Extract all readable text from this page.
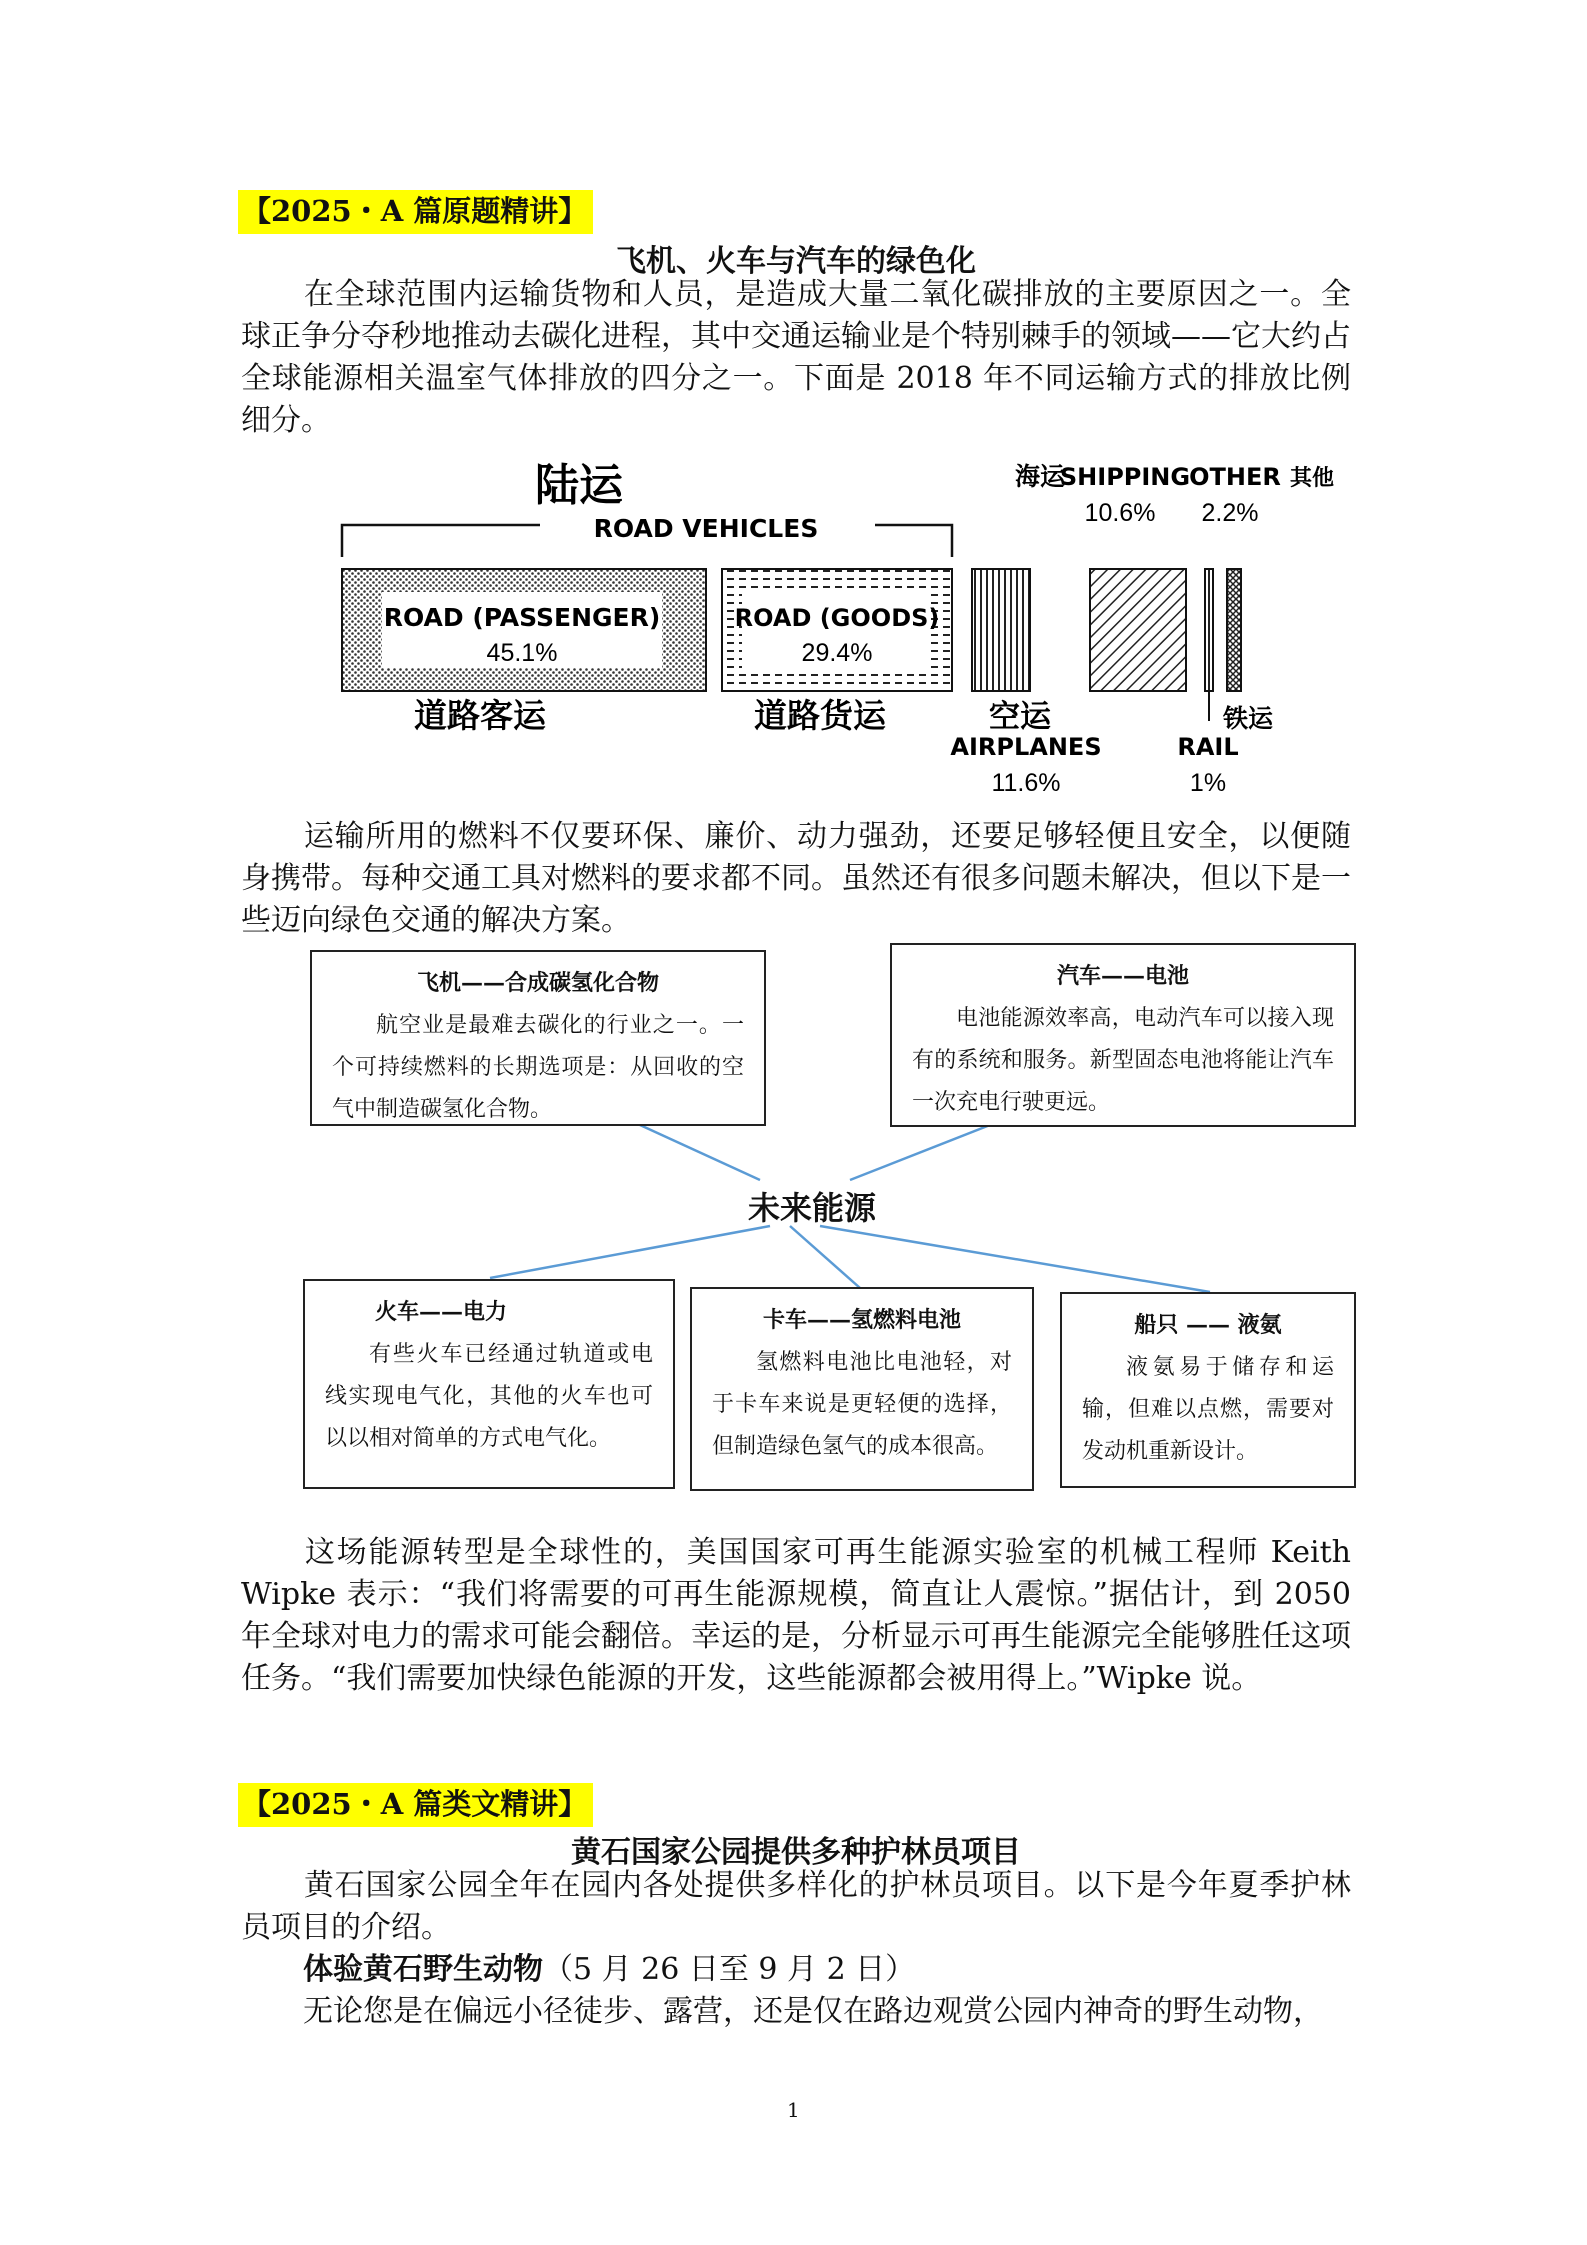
【2025・A 篇原题精讲】
飞机、火车与汽车的绿色化
在全球范围内运输货物和人员，是造成大量二氧化碳排放的主要原因之一。全球正争分夺秒地推动去碳化进程，其中交通运输业是个特别棘手的领域——它大约占全球能源相关温室气体排放的四分之一。下面是 2018 年不同运输方式的排放比例细分。
陆运
ROAD VEHICLES
ROAD (PASSENGER)
45.1%
道路客运
ROAD (GOODS)
29.4%
道路货运	空运
AIRPLANES
11.6%
海运
SHIPPING
10.6%
铁运
RAIL
1%
OTHER 其他
2.2%
运输所用的燃料不仅要环保、廉价、动力强劲，还要足够轻便且安全，以便随身携带。每种交通工具对燃料的要求都不同。虽然还有很多问题未解决，但以下是一些迈向绿色交通的解决方案。
飞机——合成碳氢化合物
航空业是最难去碳化的行业之一。一个可持续燃料的长期选项是：从回收的空气中制造碳氢化合物。
汽车——电池
电池能源效率高，电动汽车可以接入现有的系统和服务。新型固态电池将能让汽车一次充电行驶更远。
未来能源
火车——电力
有些火车已经通过轨道或电线实现电气化，其他的火车也可以以相对简单的方式电气化。
卡车——氢燃料电池
氢燃料电池比电池轻，对于卡车来说是更轻便的选择，但制造绿色氢气的成本很高。
船只 —— 液氨
液氨易于储存和运输，但难以点燃，需要对发动机重新设计。
这场能源转型是全球性的，美国国家可再生能源实验室的机械工程师 Keith Wipke 表示：“我们将需要的可再生能源规模，简直让人震惊。”据估计，到 2050 年全球对电力的需求可能会翻倍。幸运的是，分析显示可再生能源完全能够胜任这项任务。“我们需要加快绿色能源的开发，这些能源都会被用得上。”Wipke 说。
【2025・A 篇类文精讲】
黄石国家公园提供多种护林员项目
黄石国家公园全年在园内各处提供多样化的护林员项目。以下是今年夏季护林员项目的介绍。
体验黄石野生动物（5 月 26 日至 9 月 2 日）
无论您是在偏远小径徒步、露营，还是仅在路边观赏公园内神奇的野生动物，
1
